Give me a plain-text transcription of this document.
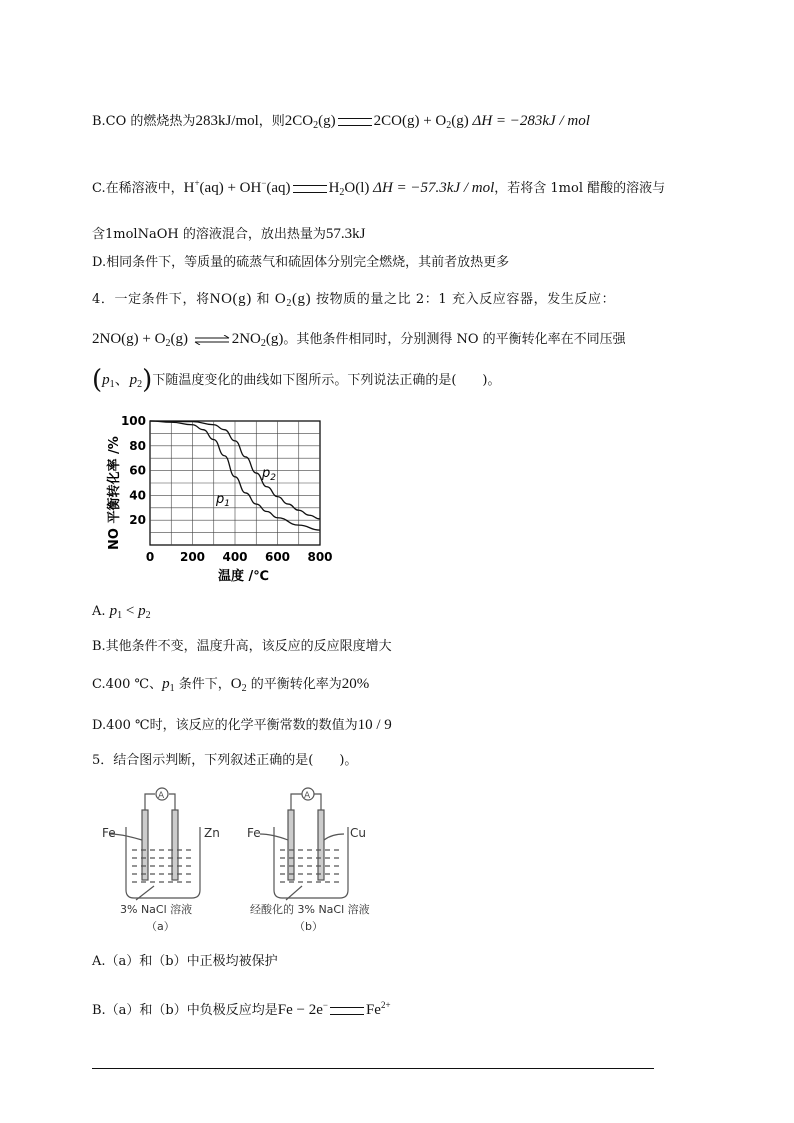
B.CO 的燃烧热为283kJ/mol，则$2CO_2(g)$	$2CO(g) + O_2(g) \Delta H = -283kJ$ / mol
C.在稀溶液中，H+(aq) + OH−(aq)	$H_2O(l) \Delta H = -57.3kJ$ / mol，若将含 1mol 醋酸的溶液与
含1molNaOH 的溶液混合，放出热量为57.3kJ
D.相同条件下，等质量的硫蒸气和硫固体分别完全燃烧，其前者放热更多
4．一定条件下，将NO(g) 和 $O_2(g)$ 按物质的量之比 2：1 充入反应容器，发生反应：
$2NO(g) + O_2(g)$ ⇌ $2NO_2(g)$。其他条件相同时，分别测得 NO 的平衡转化率在不同压强
($p_1$、$p_2$)下随温度变化的曲线如下图所示。下列说法正确的是(　　)。
0 200 400 600 800
20
40
60
80
100
NO 平衡转化率 /%
温度 /℃
$p_1$
$p_2$
A. $p_1 < p_2$
B.其他条件不变，温度升高，该反应的反应限度增大
C.400 ℃、$p_1$ 条件下，$O_2$ 的平衡转化率为20%
D.400 ℃时，该反应的化学平衡常数的数值为10 / 9
5．结合图示判断，下列叙述正确的是(　　)。
A
Fe	Zn
3% NaCl 溶液
（a）
A
Fe	Cu
经酸化的 3% NaCl 溶液
（b）
A.（a）和（b）中正极均被保护
B.（a）和（b）中负极反应均是Fe − 2e−	$Fe^{2+}$
